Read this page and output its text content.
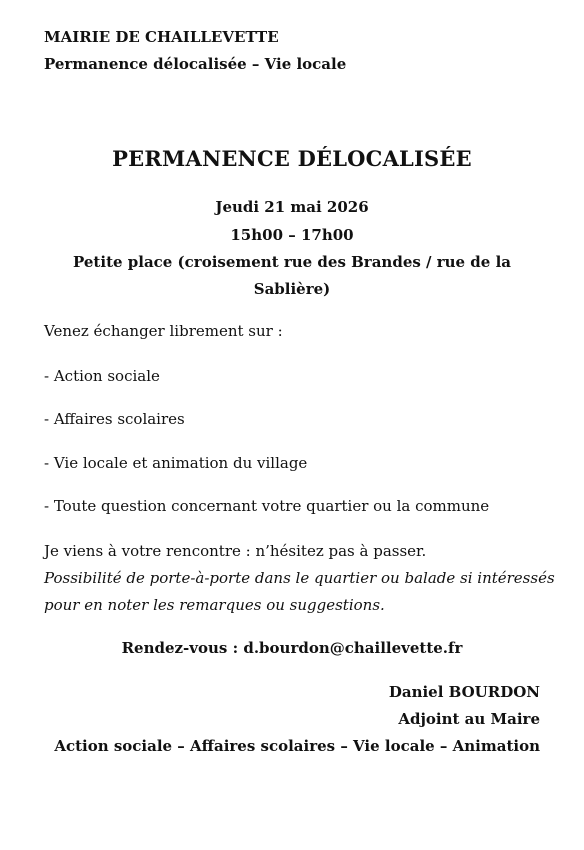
MAIRIE DE CHAILLEVETTE
Permanence délocalisée – Vie locale
PERMANENCE DÉLOCALISÉE
Jeudi 21 mai 2026
15h00 – 17h00
Petite place (croisement rue des Brandes / rue de la
Sablière)
Venez échanger librement sur :
- Action sociale
- Affaires scolaires
- Vie locale et animation du village
- Toute question concernant votre quartier ou la commune
Je viens à votre rencontre : n’hésitez pas à passer.
Possibilité de porte-à-porte dans le quartier ou balade si intéressés
pour en noter les remarques ou suggestions.
Rendez-vous : d.bourdon@chaillevette.fr
Daniel BOURDON
Adjoint au Maire
Action sociale – Affaires scolaires – Vie locale – Animation
